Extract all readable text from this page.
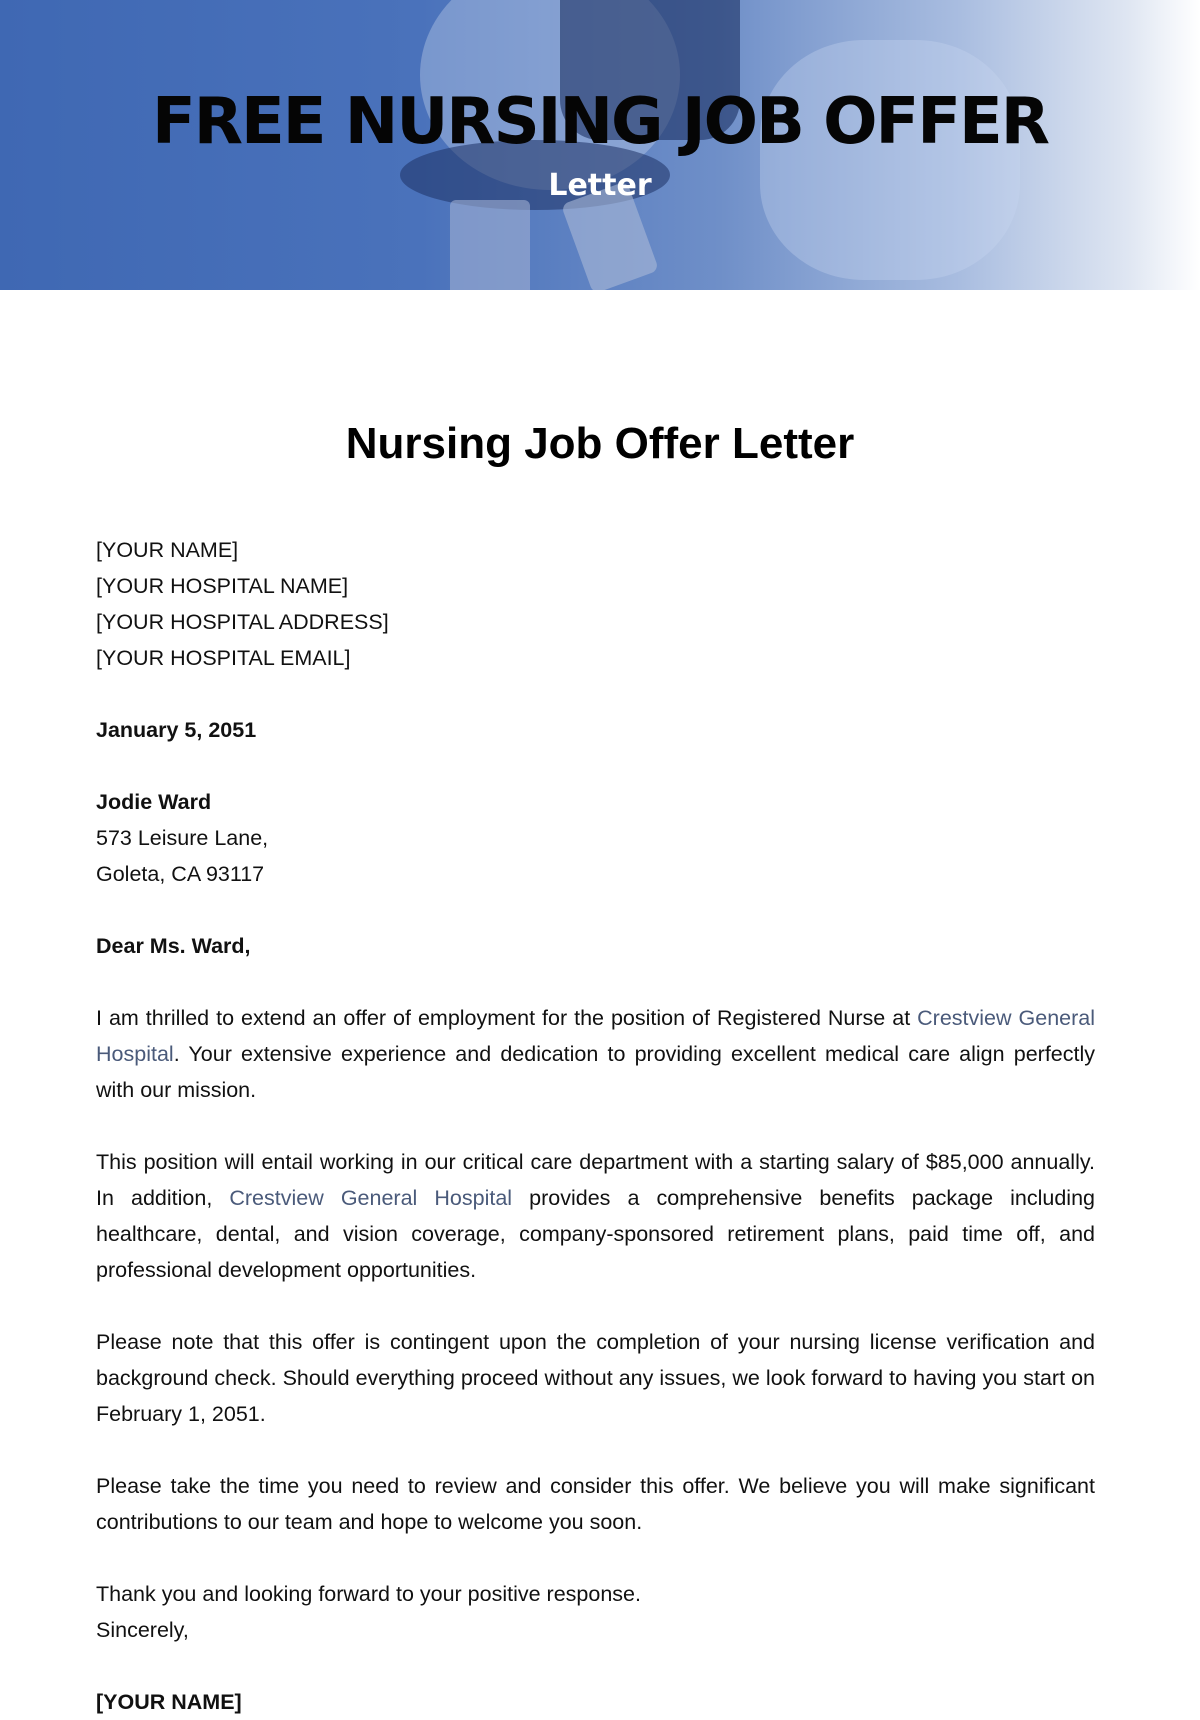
FREE NURSING JOB OFFER
Letter
Nursing Job Offer Letter
[YOUR NAME]
[YOUR HOSPITAL NAME]
[YOUR HOSPITAL ADDRESS]
[YOUR HOSPITAL EMAIL]
January 5, 2051
Jodie Ward
573 Leisure Lane,
Goleta, CA 93117
Dear Ms. Ward,

I am thrilled to extend an offer of employment for the position of Registered Nurse at Crestview General Hospital. Your extensive experience and dedication to providing excellent medical care align perfectly with our mission.

This position will entail working in our critical care department with a starting salary of $85,000 annually. In addition, Crestview General Hospital provides a comprehensive benefits package including healthcare, dental, and vision coverage, company-sponsored retirement plans, paid time off, and professional development opportunities.

Please note that this offer is contingent upon the completion of your nursing license verification and background check. Should everything proceed without any issues, we look forward to having you start on February 1, 2051.

Please take the time you need to review and consider this offer. We believe you will make significant contributions to our team and hope to welcome you soon.

Thank you and looking forward to your positive response.
Sincerely,
[YOUR NAME]
